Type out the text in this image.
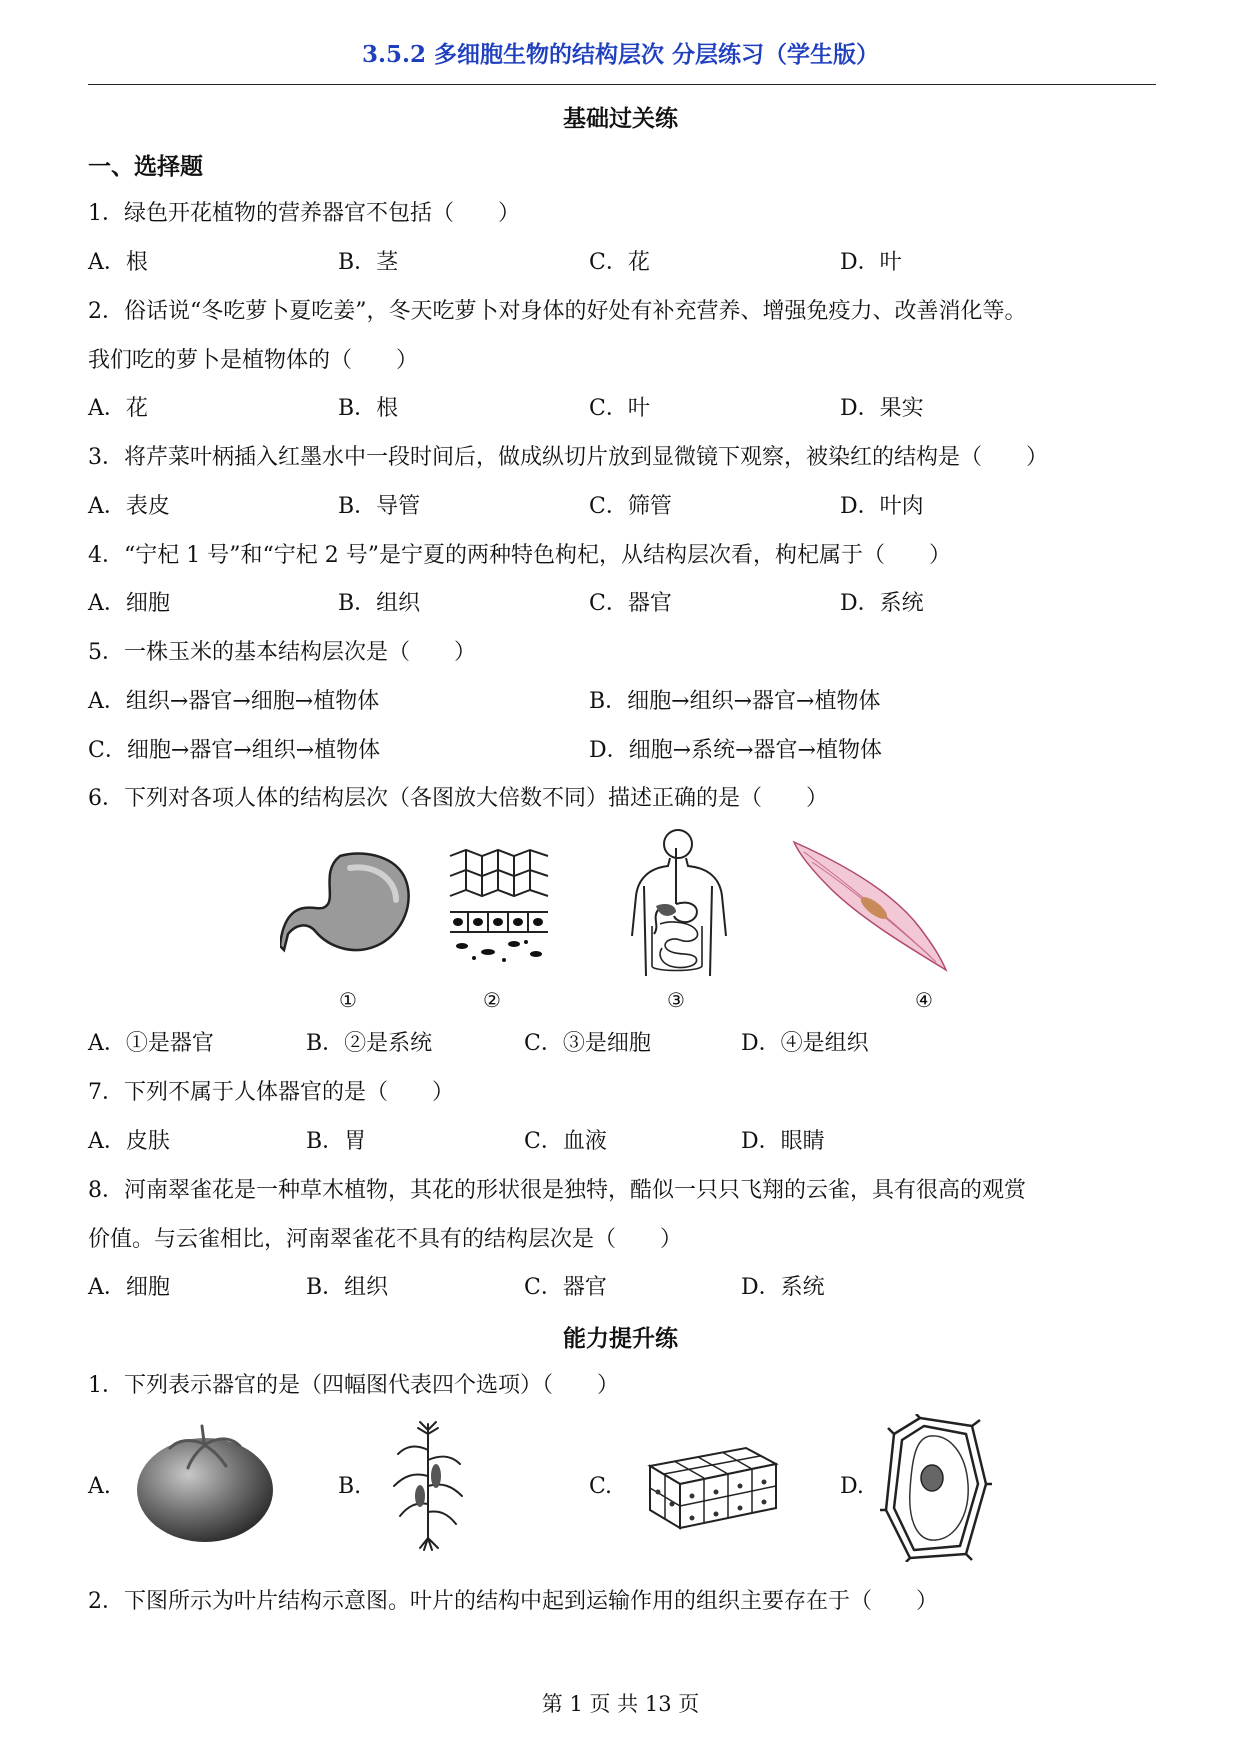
3.5.2 多细胞生物的结构层次 分层练习（学生版）
基础过关练
一、选择题
1．绿色开花植物的营养器官不包括（　　）
A．根	B．茎	C．花	D．叶
2．俗话说“冬吃萝卜夏吃姜”，冬天吃萝卜对身体的好处有补充营养、增强免疫力、改善消化等。
我们吃的萝卜是植物体的（　　）
A．花	B．根	C．叶	D．果实
3．将芹菜叶柄插入红墨水中一段时间后，做成纵切片放到显微镜下观察，被染红的结构是（　　）
A．表皮	B．导管	C．筛管	D．叶肉
4．“宁杞 1 号”和“宁杞 2 号”是宁夏的两种特色枸杞，从结构层次看，枸杞属于（　　）
A．细胞	B．组织	C．器官	D．系统
5．一株玉米的基本结构层次是（　　）
A．组织→器官→细胞→植物体	B．细胞→组织→器官→植物体
C．细胞→器官→组织→植物体	D．细胞→系统→器官→植物体
6．下列对各项人体的结构层次（各图放大倍数不同）描述正确的是（　　）
①	②	③	④
A．①是器官	B．②是系统	C．③是细胞	D．④是组织
7．下列不属于人体器官的是（　　）
A．皮肤	B．胃	C．血液	D．眼睛
8．河南翠雀花是一种草木植物，其花的形状很是独特，酷似一只只飞翔的云雀，具有很高的观赏
价值。与云雀相比，河南翠雀花不具有的结构层次是（　　）
A．细胞	B．组织	C．器官	D．系统
能力提升练
1．下列表示器官的是（四幅图代表四个选项）（　　）
A.	B.	C.	D.
2．下图所示为叶片结构示意图。叶片的结构中起到运输作用的组织主要存在于（　　）
第 1 页 共 13 页
